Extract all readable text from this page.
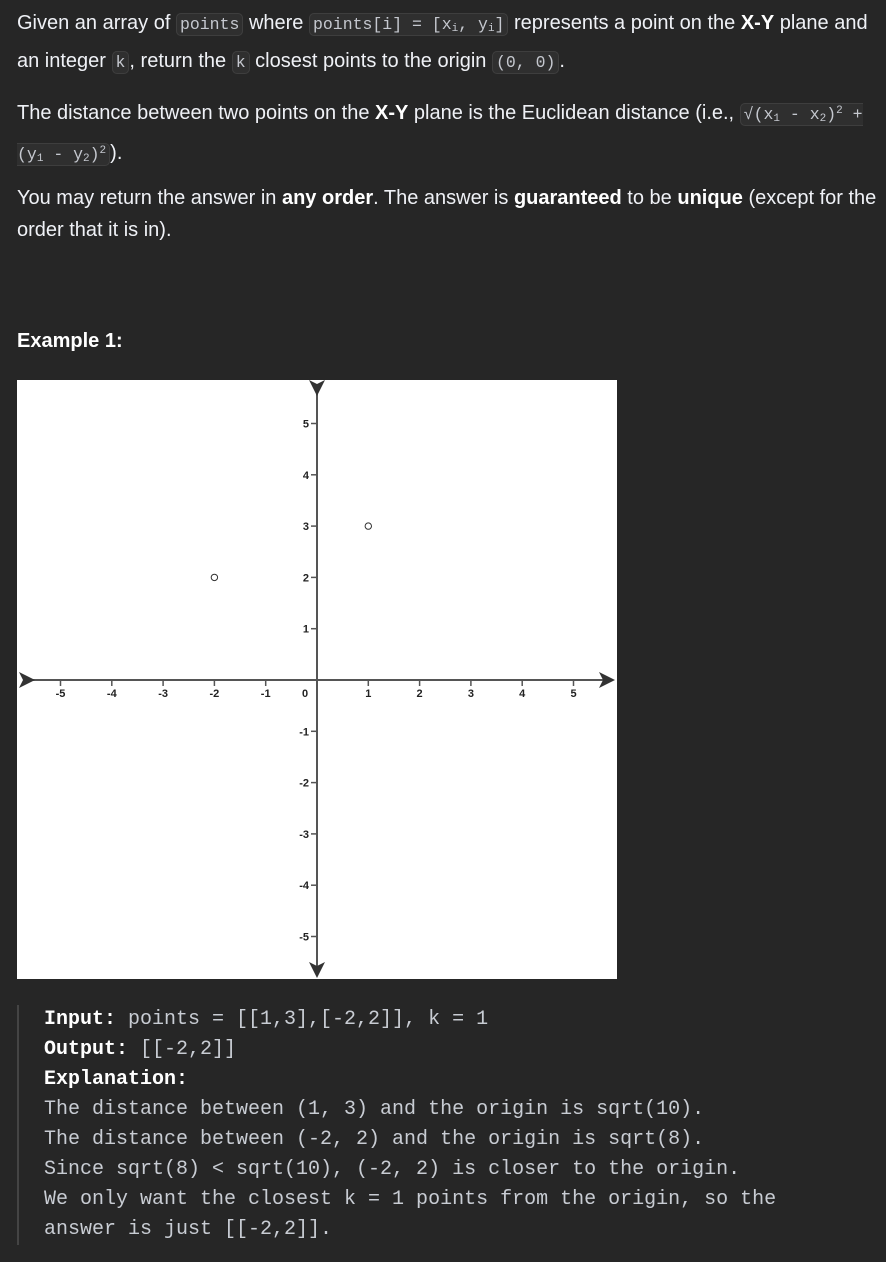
Given an array of points where points[i] = [$x_i$, $y_i$] represents a point on the X-Y plane and an integer k , return the k closest points to the origin (0, 0) .

The distance between two points on the X-Y plane is the Euclidean distance (i.e., $√(x_1 - x_2)^2 + (y_1 - y_2)^2$ ).

You may return the answer in any order. The answer is guaranteed to be unique (except for the order that it is in).

Example 1:

-5	-4	-3	-2	-1	0	1	2	3	4	5
-5
-4
-3
-2
-1
1
2
3
4
5
Input: points = [[1,3],[-2,2]], k = 1
Output: [[-2,2]]
Explanation:
The distance between (1, 3) and the origin is sqrt(10).
The distance between (-2, 2) and the origin is sqrt(8).
Since sqrt(8) < sqrt(10), (-2, 2) is closer to the origin.
We only want the closest k = 1 points from the origin, so the
answer is just [[-2,2]].
